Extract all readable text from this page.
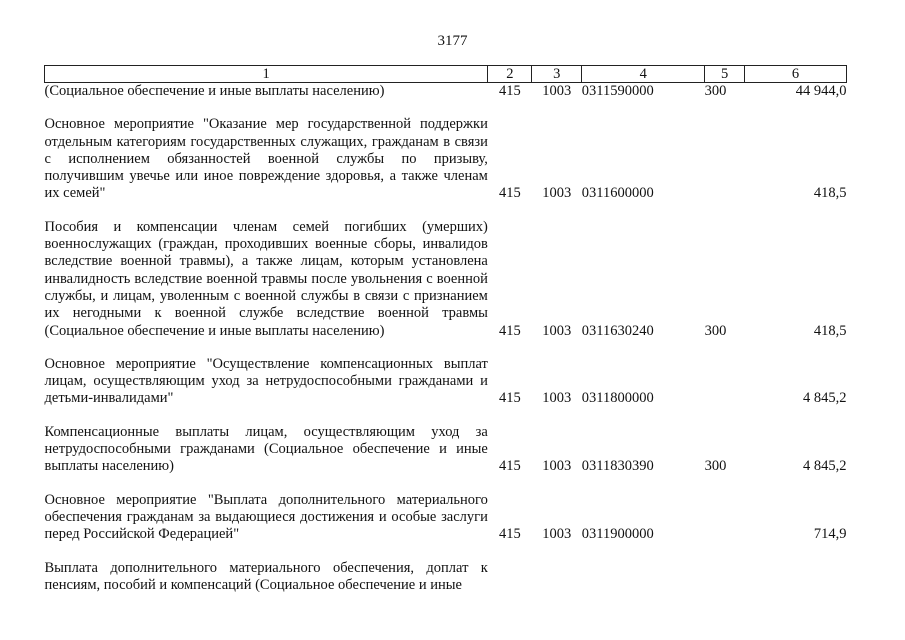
3177
1	2	3	4	5	6
(Социальное обеспечение и иные выплаты населению)	415	1003	0311590000	300	44 944,0
Основное мероприятие "Оказание мер государственной поддержки отдельным категориям государственных служащих, гражданам в связи с исполнением обязанностей военной службы по призыву, получившим увечье или иное повреждение здоровья, а также членам их семей"	415	1003	0311600000		418,5
Пособия и компенсации членам семей погибших (умерших) военнослужащих (граждан, проходивших военные сборы, инвалидов вследствие военной травмы), а также лицам, которым установлена инвалидность вследствие военной травмы после увольнения с военной службы, и лицам, уволенным с военной службы в связи с признанием их негодными к военной службе вследствие военной травмы (Социальное обеспечение и иные выплаты населению)	415	1003	0311630240	300	418,5
Основное мероприятие "Осуществление компенсационных выплат лицам, осуществляющим уход за нетрудоспособными гражданами и детьми-инвалидами"	415	1003	0311800000		4 845,2
Компенсационные выплаты лицам, осуществляющим уход за нетрудоспособными гражданами (Социальное обеспечение и иные выплаты населению)	415	1003	0311830390	300	4 845,2
Основное мероприятие "Выплата дополнительного материального обеспечения гражданам за выдающиеся достижения и особые заслуги перед Российской Федерацией"	415	1003	0311900000		714,9
Выплата дополнительного материального обеспечения, доплат к пенсиям, пособий и компенсаций (Социальное обеспечение и иные					
